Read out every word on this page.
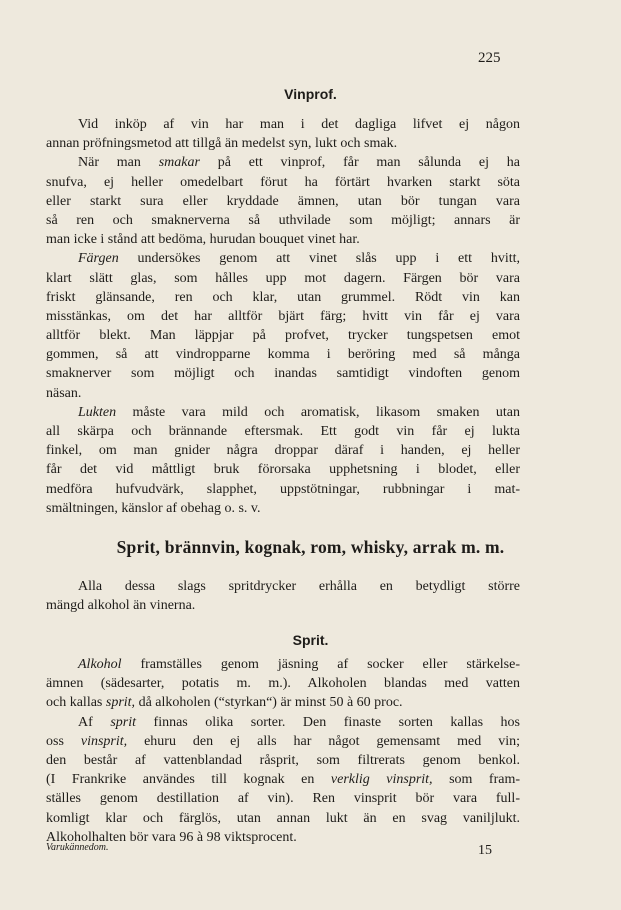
225
Vinprof.
Vid inköp af vin har man i det dagliga lifvet ej någon
annan pröfningsmetod att tillgå än medelst syn, lukt och smak.
När man smakar på ett vinprof, får man sålunda ej ha
snufva, ej heller omedelbart förut ha förtärt hvarken starkt söta
eller starkt sura eller kryddade ämnen, utan bör tungan vara
så ren och smaknerverna så uthvilade som möjligt; annars är
man icke i stånd att bedöma, hurudan bouquet vinet har.
Färgen undersökes genom att vinet slås upp i ett hvitt,
klart slätt glas, som hålles upp mot dagern. Färgen bör vara
friskt glänsande, ren och klar, utan grummel. Rödt vin kan
misstänkas, om det har alltför bjärt färg; hvitt vin får ej vara
alltför blekt. Man läppjar på profvet, trycker tungspetsen emot
gommen, så att vindropparne komma i beröring med så många
smaknerver som möjligt och inandas samtidigt vindoften genom
näsan.
Lukten måste vara mild och aromatisk, likasom smaken utan
all skärpa och brännande eftersmak. Ett godt vin får ej lukta
finkel, om man gnider några droppar däraf i handen, ej heller
får det vid måttligt bruk förorsaka upphetsning i blodet, eller
medföra hufvudvärk, slapphet, uppstötningar, rubbningar i mat-
smältningen, känslor af obehag o. s. v.
Sprit, brännvin, kognak, rom, whisky, arrak m. m.
Alla dessa slags spritdrycker erhålla en betydligt större
mängd alkohol än vinerna.
Sprit.
Alkohol framställes genom jäsning af socker eller stärkelse-
ämnen (sädesarter, potatis m. m.). Alkoholen blandas med vatten
och kallas sprit, då alkoholen (“styrkan“) är minst 50 à 60 proc.
Af sprit finnas olika sorter. Den finaste sorten kallas hos
oss vinsprit, ehuru den ej alls har något gemensamt med vin;
den består af vattenblandad råsprit, som filtrerats genom benkol.
(I Frankrike användes till kognak en verklig vinsprit, som fram-
ställes genom destillation af vin). Ren vinsprit bör vara full-
komligt klar och färglös, utan annan lukt än en svag vaniljlukt.
Alkoholhalten bör vara 96 à 98 viktsprocent.
Varukännedom.	15
